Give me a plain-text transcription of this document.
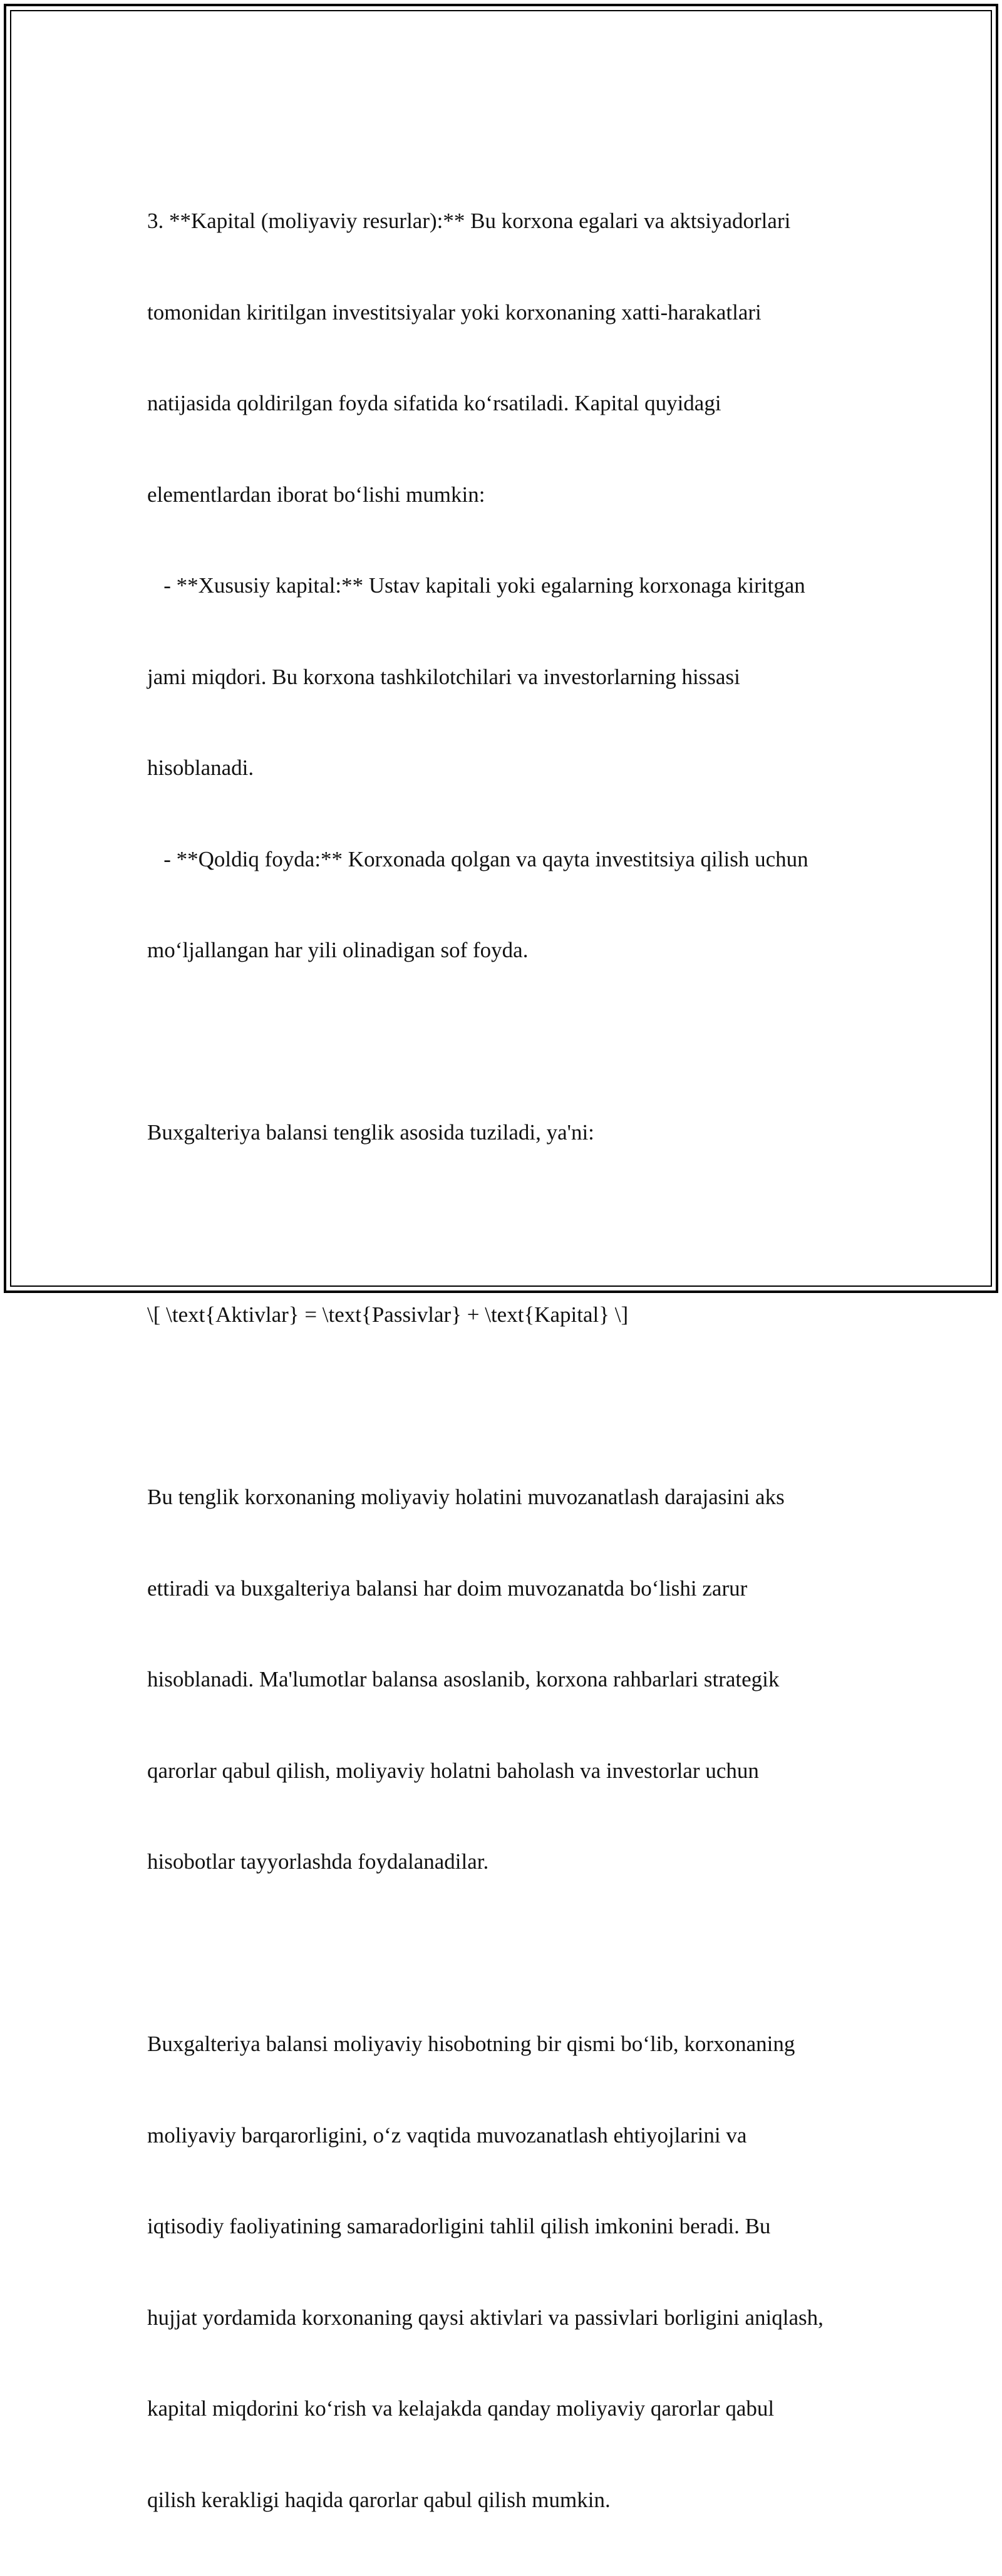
3. **Kapital (moliyaviy resurlar):** Bu korxona egalari va aktsiyadorlari

tomonidan kiritilgan investitsiyalar yoki korxonaning xatti-harakatlari

natijasida qoldirilgan foyda sifatida koʻrsatiladi. Kapital quyidagi

elementlardan iborat boʻlishi mumkin:

- **Xususiy kapital:** Ustav kapitali yoki egalarning korxonaga kiritgan

jami miqdori. Bu korxona tashkilotchilari va investorlarning hissasi

hisoblanadi.

- **Qoldiq foyda:** Korxonada qolgan va qayta investitsiya qilish uchun

moʻljallangan har yili olinadigan sof foyda.

Buxgalteriya balansi tenglik asosida tuziladi, ya'ni:

\[ \text{Aktivlar} = \text{Passivlar} + \text{Kapital} \]

Bu tenglik korxonaning moliyaviy holatini muvozanatlash darajasini aks

ettiradi va buxgalteriya balansi har doim muvozanatda boʻlishi zarur

hisoblanadi. Ma'lumotlar balansa asoslanib, korxona rahbarlari strategik

qarorlar qabul qilish, moliyaviy holatni baholash va investorlar uchun

hisobotlar tayyorlashda foydalanadilar.

Buxgalteriya balansi moliyaviy hisobotning bir qismi boʻlib, korxonaning

moliyaviy barqarorligini, oʻz vaqtida muvozanatlash ehtiyojlarini va

iqtisodiy faoliyatining samaradorligini tahlil qilish imkonini beradi. Bu

hujjat yordamida korxonaning qaysi aktivlari va passivlari borligini aniqlash,

kapital miqdorini koʻrish va kelajakda qanday moliyaviy qarorlar qabul

qilish kerakligi haqida qarorlar qabul qilish mumkin.
